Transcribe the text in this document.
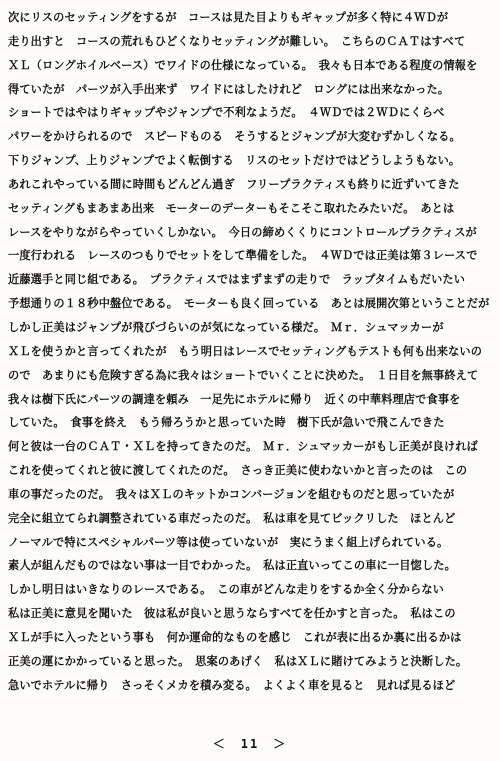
次にリスのセッティングをするが　コースは見た目よりもギャップが多く特に４ＷＤが
走り出すと　コースの荒れもひどくなりセッティングが難しい。　こちらのＣＡＴはすべて
ＸＬ（ロングホイルベース）でワイドの仕様になっている。　我々も日本である程度の情報を
得ていたが　パーツが入手出来ず　ワイドにはしたけれど　ロングには出来なかった。
ショートではやはりギャップやジャンプで不利なようだ。　４ＷＤでは２ＷＤにくらべ
パワーをかけられるので　スピードものる　そうするとジャンプが大変むずかしくなる。
下りジャンプ、上りジャンプでよく転倒する　リスのセットだけではどうしようもない。
あれこれやっている間に時間もどんどん過ぎ　フリープラクティスも終りに近ずいてきた
セッティングもまあまあ出来　モーターのデーターもそこそこ取れたみたいだ。　あとは
レースをやりながらやっていくしかない。　今日の締めくくりにコントロールプラクティスが
一度行われる　レースのつもりでセットをして準備をした。　４ＷＤでは正美は第３レースで
近藤選手と同じ組である。　プラクティスではまずまずの走りで　ラップタイムもだいたい
予想通りの１８秒中盤位である。　モーターも良く回っている　あとは展開次第ということだが
しかし正美はジャンプが飛びづらいのが気になっている様だ。　Ｍｒ．シュマッカーが
ＸＬを使うかと言ってくれたが　もう明日はレースでセッティングもテストも何も出来ないの
ので　あまりにも危険すぎる為に我々はショートでいくことに決めた。　１日目を無事終えて
我々は樹下氏にパーツの調達を頼み　一足先にホテルに帰り　近くの中華料理店で食事を
していた。　食事を終え　もう帰ろうかと思っていた時　樹下氏が急いで飛こんできた
何と彼は一台のＣＡＴ・ＸＬを持ってきたのだ。　Ｍｒ．シュマッカーがもし正美が良ければ
これを使ってくれと彼に渡してくれたのだ。　さっき正美に使わないかと言ったのは　この
車の事だったのだ。　我々はＸＬのキットかコンバージョンを組むものだと思っていたが
完全に組立てられ調整されている車だったのだ。　私は車を見てビックリした　ほとんど
ノーマルで特にスペシャルパーツ等は使っていないが　実にうまく組上げられている。
素人が組んだものではない事は一目でわかった。　私は正直いってこの車に一目惚した。
しかし明日はいきなりのレースである。　この車がどんな走りをするか全く分からない
私は正美に意見を聞いた　彼は私が良いと思うならすべてを任かすと言った。　私はこの
ＸＬが手に入ったという事も　何か運命的なものを感じ　これが表に出るか裏に出るかは
正美の運にかかっていると思った。　思案のあげく　私はＸＬに賭けてみようと決断した。
急いでホテルに帰り　さっそくメカを積み変る。　よくよく車を見ると　見れば見るほど
＜　11　＞
